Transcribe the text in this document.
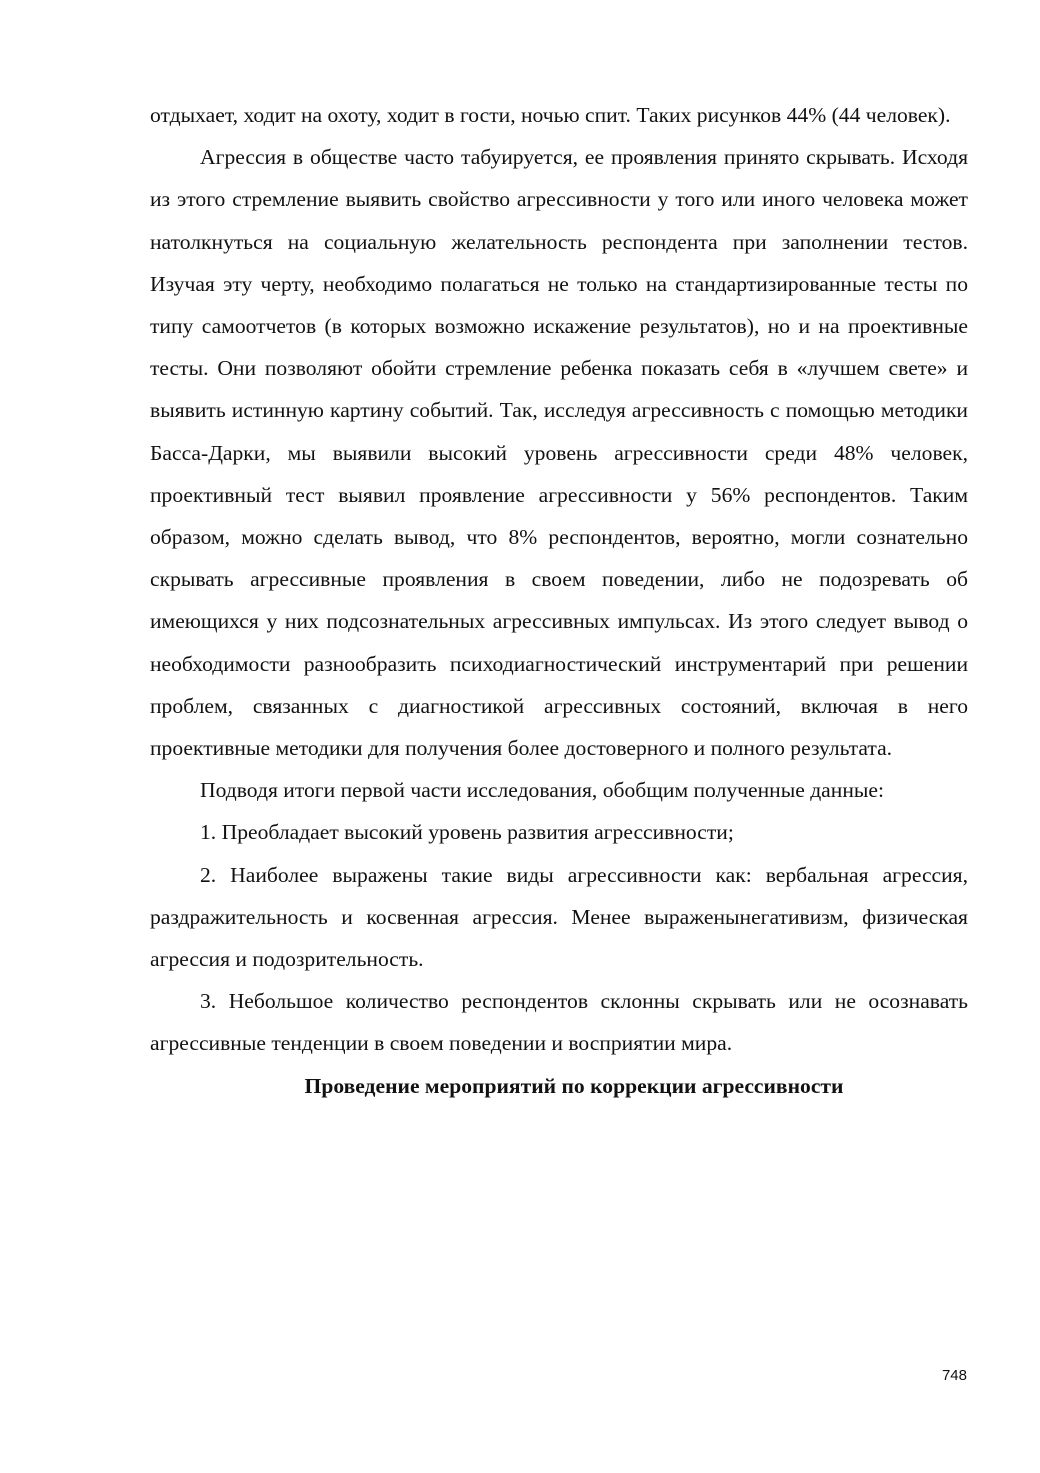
отдыхает, ходит на охоту, ходит в гости, ночью спит. Таких рисунков 44% (44 человек).

Агрессия в обществе часто табуируется, ее проявления принято скрывать. Исходя из этого стремление выявить свойство агрессивности у того или иного человека может натолкнуться на социальную желательность респондента при заполнении тестов. Изучая эту черту, необходимо полагаться не только на стандартизированные тесты по типу самоотчетов (в которых возможно искажение результатов), но и на проективные тесты. Они позволяют обойти стремление ребенка показать себя в «лучшем свете» и выявить истинную картину событий. Так, исследуя агрессивность с помощью методики Басса-Дарки, мы выявили высокий уровень агрессивности среди 48% человек, проективный тест выявил проявление агрессивности у 56% респондентов. Таким образом, можно сделать вывод, что 8% респондентов, вероятно, могли сознательно скрывать агрессивные проявления в своем поведении, либо не подозревать об имеющихся у них подсознательных агрессивных импульсах. Из этого следует вывод о необходимости разнообразить психодиагностический инструментарий при решении проблем, связанных с диагностикой агрессивных состояний, включая в него проективные методики для получения более достоверного и полного результата.

Подводя итоги первой части исследования, обобщим полученные данные:

1. Преобладает высокий уровень развития агрессивности;

2. Наиболее выражены такие виды агрессивности как: вербальная агрессия, раздражительность и косвенная агрессия. Менее выраженынегативизм, физическая агрессия и подозрительность.

3. Небольшое количество респондентов склонны скрывать или не осознавать агрессивные тенденции в своем поведении и восприятии мира.

Проведение мероприятий по коррекции агрессивности

748
